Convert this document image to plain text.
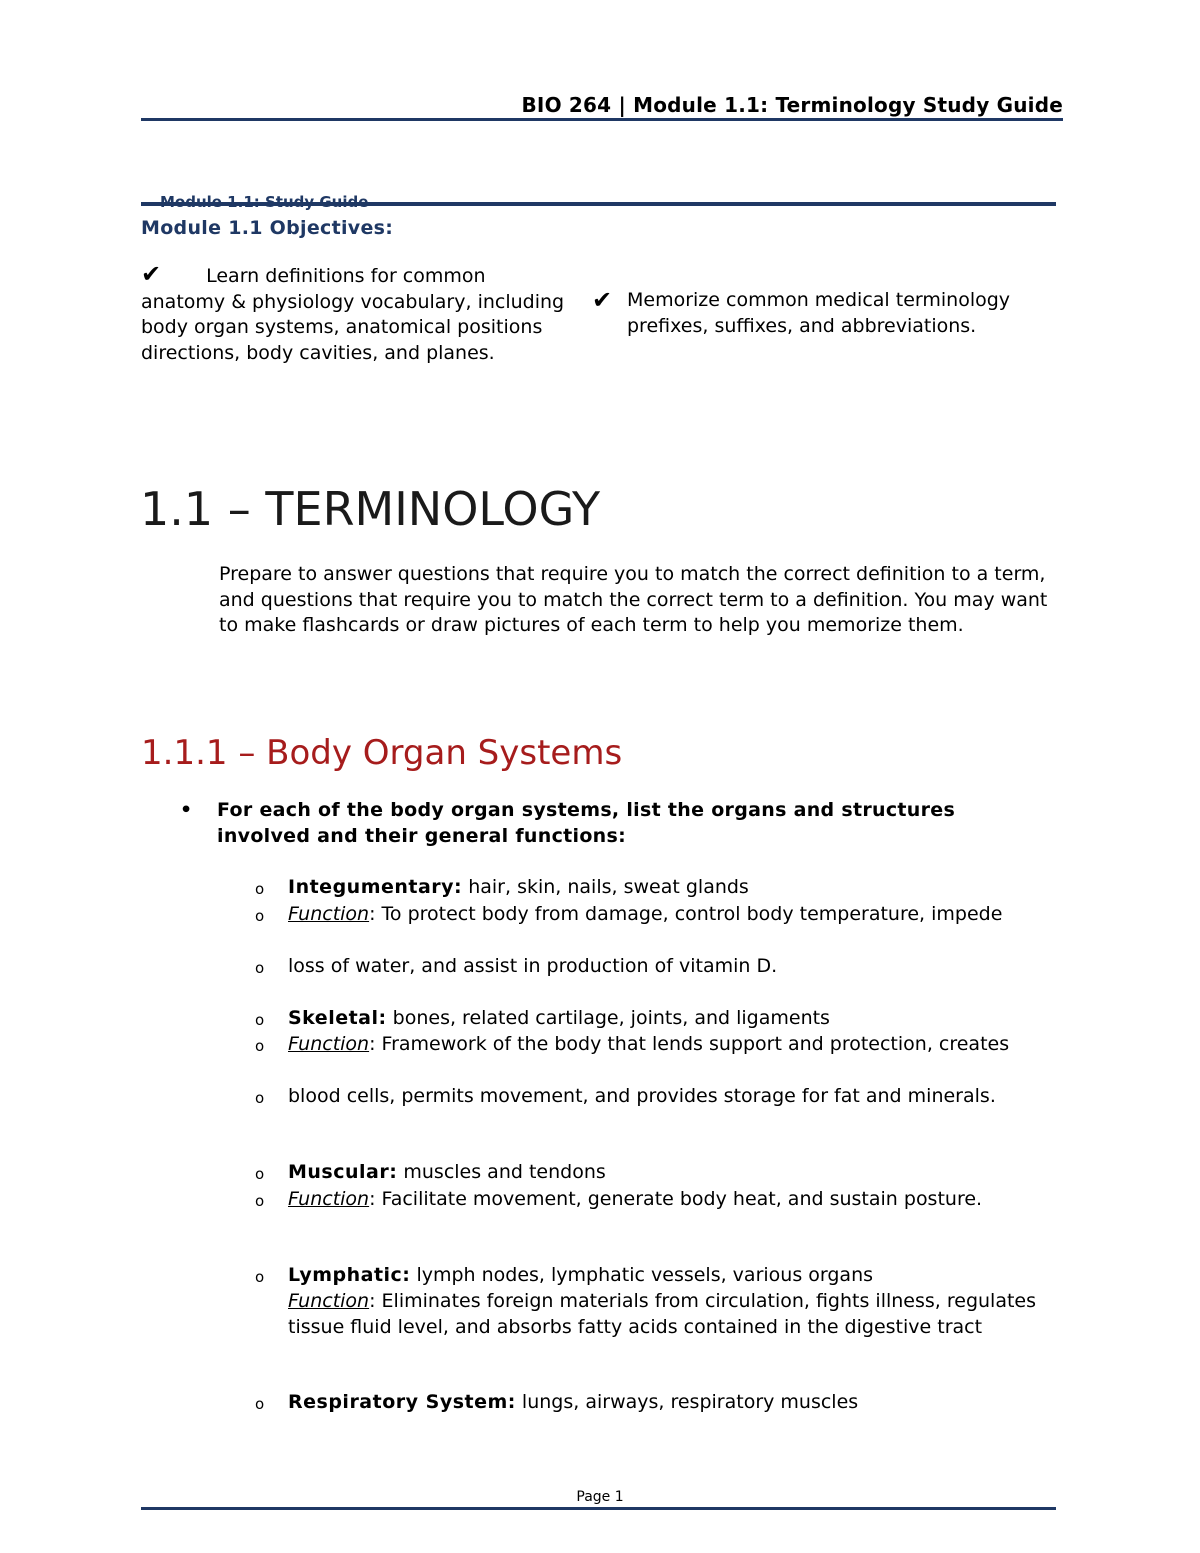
BIO 264 | Module 1.1: Terminology Study Guide
Module 1.1: Study Guide
Module 1.1 Objectives:
✔ Learn definitions for common anatomy & physiology vocabulary, including body organ systems, anatomical positions directions, body cavities, and planes.
✔ Memorize common medical terminology prefixes, suffixes, and abbreviations.
1.1 – TERMINOLOGY

Prepare to answer questions that require you to match the correct definition to a term, and questions that require you to match the correct term to a definition. You may want to make flashcards or draw pictures of each term to help you memorize them.

1.1.1 – Body Organ Systems
•	For each of the body organ systems, list the organs and structures involved and their general functions:
o	Integumentary: hair, skin, nails, sweat glands
o	Function: To protect body from damage, control body temperature, impede
o	loss of water, and assist in production of vitamin D.
o	Skeletal: bones, related cartilage, joints, and ligaments
o	Function: Framework of the body that lends support and protection, creates
o	blood cells, permits movement, and provides storage for fat and minerals.
o	Muscular: muscles and tendons
o	Function: Facilitate movement, generate body heat, and sustain posture.
o	Lymphatic: lymph nodes, lymphatic vessels, various organs
Function: Eliminates foreign materials from circulation, fights illness, regulates tissue fluid level, and absorbs fatty acids contained in the digestive tract
o	Respiratory System: lungs, airways, respiratory muscles
Page 1
